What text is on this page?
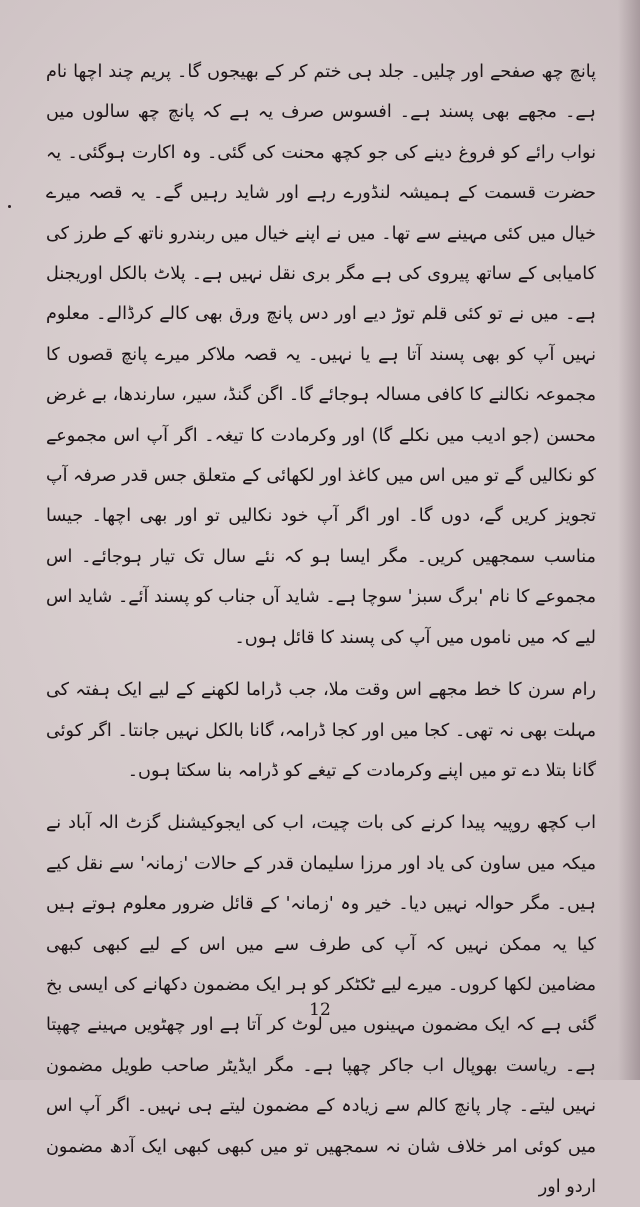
پانچ چھ صفحے اور چلیں۔ جلد ہی ختم کر کے بھیجوں گا۔ پریم چند اچھا نام ہے۔ مجھے بھی پسند ہے۔ افسوس صرف یہ ہے کہ پانچ چھ سالوں میں نواب رائے کو فروغ دینے کی جو کچھ محنت کی گئی۔ وہ اکارت ہوگئی۔ یہ حضرت قسمت کے ہمیشہ لنڈورے رہے اور شاید رہیں گے۔ یہ قصہ میرے خیال میں کئی مہینے سے تھا۔ میں نے اپنے خیال میں ربندرو ناتھ کے طرز کی کامیابی کے ساتھ پیروی کی ہے مگر بری نقل نہیں ہے۔ پلاٹ بالکل اوریجنل ہے۔ میں نے تو کئی قلم توڑ دیے اور دس پانچ ورق بھی کالے کرڈالے۔ معلوم نہیں آپ کو بھی پسند آتا ہے یا نہیں۔ یہ قصہ ملاکر میرے پانچ قصوں کا مجموعہ نکالنے کا کافی مسالہ ہوجائے گا۔ اگن گنڈ، سیر، سارندھا، بے غرض محسن (جو ادیب میں نکلے گا) اور وکرمادت کا تیغہ۔ اگر آپ اس مجموعے کو نکالیں گے تو میں اس میں کاغذ اور لکھائی کے متعلق جس قدر صرفہ آپ تجویز کریں گے، دوں گا۔ اور اگر آپ خود نکالیں تو اور بھی اچھا۔ جیسا مناسب سمجھیں کریں۔ مگر ایسا ہو کہ نئے سال تک تیار ہوجائے۔ اس مجموعے کا نام 'برگ سبز' سوچا ہے۔ شاید آں جناب کو پسند آئے۔ شاید اس لیے کہ میں ناموں میں آپ کی پسند کا قائل ہوں۔

رام سرن کا خط مجھے اس وقت ملا، جب ڈراما لکھنے کے لیے ایک ہفتہ کی مہلت بھی نہ تھی۔ کجا میں اور کجا ڈرامہ، گانا بالکل نہیں جانتا۔ اگر کوئی گانا بتلا دے تو میں اپنے وکرمادت کے تیغے کو ڈرامہ بنا سکتا ہوں۔

اب کچھ روپیہ پیدا کرنے کی بات چیت، اب کی ایجوکیشنل گزٹ الہ آباد نے میکہ میں ساون کی یاد اور مرزا سلیمان قدر کے حالات 'زمانہ' سے نقل کیے ہیں۔ مگر حوالہ نہیں دیا۔ خیر وہ 'زمانہ' کے قائل ضرور معلوم ہوتے ہیں کیا یہ ممکن نہیں کہ آپ کی طرف سے میں اس کے لیے کبھی کبھی مضامین لکھا کروں۔ میرے لیے ٹکٹکر کو ہر ایک مضمون دکھانے کی ایسی بخ گئی ہے کہ ایک مضمون مہینوں میں لوٹ کر آتا ہے اور چھٹویں مہینے چھپتا ہے۔ ریاست بھوپال اب جاکر چھپا ہے۔ مگر ایڈیٹر صاحب طویل مضمون نہیں لیتے۔ چار پانچ کالم سے زیادہ کے مضمون لیتے ہی نہیں۔ اگر آپ اس میں کوئی امر خلاف شان نہ سمجھیں تو میں کبھی کبھی ایک آدھ مضمون اردو اور

12
